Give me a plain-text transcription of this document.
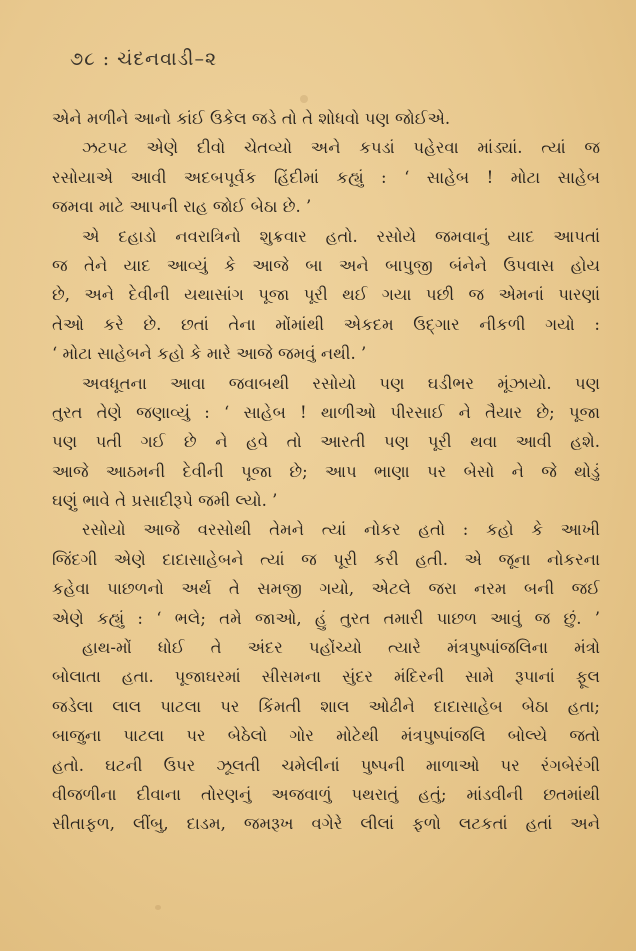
૭૮ : ચંદનવાડી–૨
એને મળીને આનો કાંઈ ઉકેલ જડે તો તે શોધવો પણ જોઈએ.
ઝટપટ એણે દીવો ચેતવ્યો અને કપડાં પહેરવા માંડ્યાં. ત્યાં જ
રસોયાએ આવી અદબપૂર્વક હિંદીમાં કહ્યું : ‘ સાહેબ ! મોટા સાહેબ
જમવા માટે આપની રાહ જોઈ બેઠા છે. ’
એ દહાડો નવરાત્રિનો શુક્રવાર હતો. રસોયે જમવાનું યાદ આપતાં
જ તેને યાદ આવ્યું કે આજે બા અને બાપુજી બંનેને ઉપવાસ હોય
છે, અને દેવીની યથાસાંગ પૂજા પૂરી થઈ ગયા પછી જ એમનાં પારણાં
તેઓ કરે છે. છતાં તેના મોંમાંથી એકદમ ઉદ્‌ગાર નીકળી ગયો :
‘ મોટા સાહેબને કહો કે મારે આજે જમવું નથી. ’
અવધૂતના આવા જવાબથી રસોયો પણ ઘડીભર મૂંઝાયો. પણ
તુરત તેણે જણાવ્યું : ‘ સાહેબ ! થાળીઓ પીરસાઈ ને તૈયાર છે; પૂજા
પણ પતી ગઈ છે ને હવે તો આરતી પણ પૂરી થવા આવી હશે.
આજે આઠમની દેવીની પૂજા છે; આપ ભાણા પર બેસો ને જે થોડું
ઘણું ભાવે તે પ્રસાદીરૂપે જમી લ્યો. ’
રસોયો આજે વરસોથી તેમને ત્યાં નોકર હતો : કહો કે આખી
જિંદગી એણે દાદાસાહેબને ત્યાં જ પૂરી કરી હતી. એ જૂના નોકરના
કહેવા પાછળનો અર્થ તે સમજી ગયો, એટલે જરા નરમ બની જઈ
એણે કહ્યું : ‘ ભલે; તમે જાઓ, હું તુરત તમારી પાછળ આવું જ છું. ’
હાથ-મોં ધોઈ તે અંદર પહોંચ્યો ત્યારે મંત્રપુષ્પાંજલિના મંત્રો
બોલાતા હતા. પૂજાઘરમાં સીસમના સુંદર મંદિરની સામે રૂપાનાં ફૂલ
જડેલા લાલ પાટલા પર કિંમતી શાલ ઓઢીને દાદાસાહેબ બેઠા હતા;
બાજુના પાટલા પર બેઠેલો ગોર મોટેથી મંત્રપુષ્પાંજલિ બોલ્યે જતો
હતો. ઘટની ઉપર ઝૂલતી ચમેલીનાં પુષ્પની માળાઓ પર રંગબેરંગી
વીજળીના દીવાના તોરણનું અજવાળું પથરાતું હતું; માંડવીની છતમાંથી
સીતાફળ, લીંબુ, દાડમ, જમરૂખ વગેરે લીલાં ફળો લટકતાં હતાં અને
